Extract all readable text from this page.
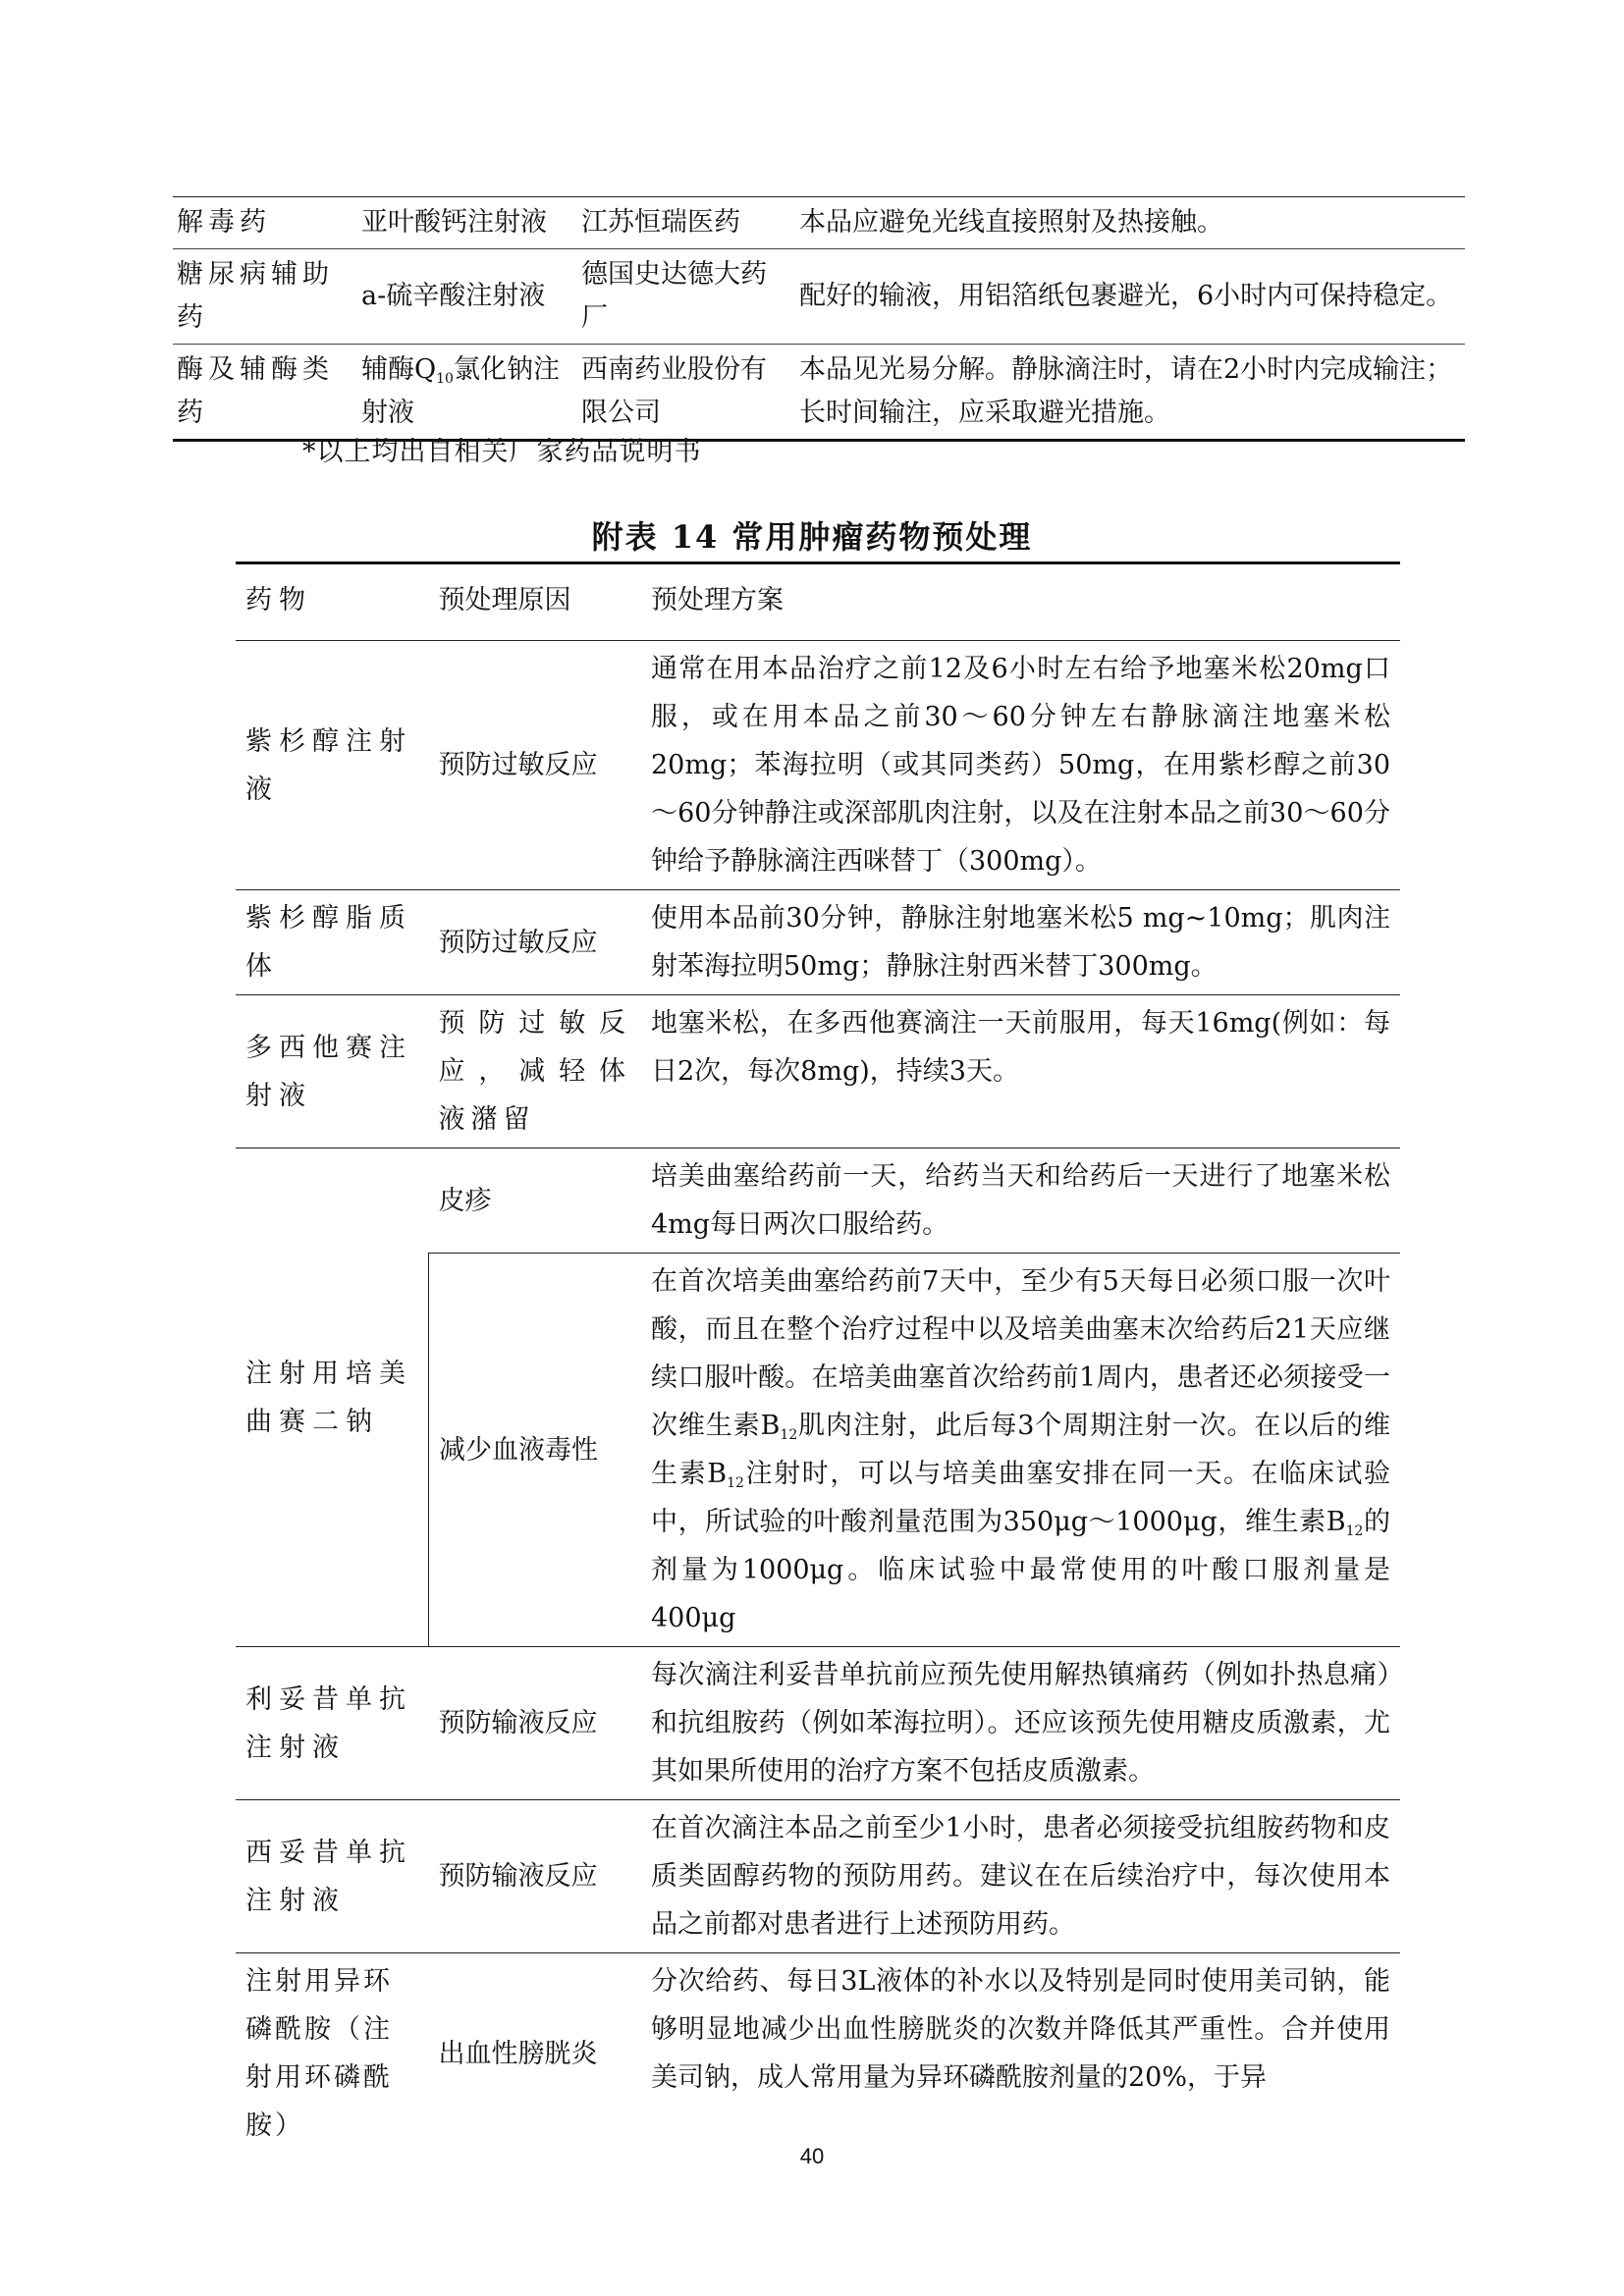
解毒药	亚叶酸钙注射液	江苏恒瑞医药	本品应避免光线直接照射及热接触。
糖尿病辅助药	a-硫辛酸注射液	德国史达德大药厂	配好的输液，用铝箔纸包裹避光，6小时内可保持稳定。
酶及辅酶类药	辅酶$Q_{10}$氯化钠注射液	西南药业股份有限公司	本品见光易分解。静脉滴注时，请在2小时内完成输注；长时间输注，应采取避光措施。
*以上均出自相关厂家药品说明书
附表 14 常用肿瘤药物预处理
药物	预处理原因	预处理方案
紫杉醇注射液	预防过敏反应	通常在用本品治疗之前12及6小时左右给予地塞米松20mg口服，或在用本品之前30～60分钟左右静脉滴注地塞米松20mg；苯海拉明（或其同类药）50mg，在用紫杉醇之前30～60分钟静注或深部肌肉注射，以及在注射本品之前30～60分钟给予静脉滴注西咪替丁（300mg）。
紫杉醇脂质体	预防过敏反应	使用本品前30分钟，静脉注射地塞米松5 mg~10mg；肌肉注射苯海拉明50mg；静脉注射西米替丁300mg。
多西他赛注射液	预防过敏反应，减轻体液潴留	地塞米松，在多西他赛滴注一天前服用，每天16mg(例如：每日2次，每次8mg)，持续3天。
注射用培美曲赛二钠	皮疹	培美曲塞给药前一天，给药当天和给药后一天进行了地塞米松4mg每日两次口服给药。
	减少血液毒性	在首次培美曲塞给药前7天中，至少有5天每日必须口服一次叶酸，而且在整个治疗过程中以及培美曲塞末次给药后21天应继续口服叶酸。在培美曲塞首次给药前1周内，患者还必须接受一次维生素$B_{12}$肌肉注射，此后每3个周期注射一次。在以后的维生素$B_{12}$注射时，可以与培美曲塞安排在同一天。在临床试验中，所试验的叶酸剂量范围为350μg～1000μg，维生素$B_{12}$的剂量为1000μg。临床试验中最常使用的叶酸口服剂量是400μg
利妥昔单抗注射液	预防输液反应	每次滴注利妥昔单抗前应预先使用解热镇痛药（例如扑热息痛）和抗组胺药（例如苯海拉明）。还应该预先使用糖皮质激素，尤其如果所使用的治疗方案不包括皮质激素。
西妥昔单抗注射液	预防输液反应	在首次滴注本品之前至少1小时，患者必须接受抗组胺药物和皮质类固醇药物的预防用药。建议在在后续治疗中，每次使用本品之前都对患者进行上述预防用药。
注射用异环磷酰胺（注射用环磷酰胺）	出血性膀胱炎	分次给药、每日3L液体的补水以及特别是同时使用美司钠，能够明显地减少出血性膀胱炎的次数并降低其严重性。合并使用美司钠，成人常用量为异环磷酰胺剂量的20%，于异
40
